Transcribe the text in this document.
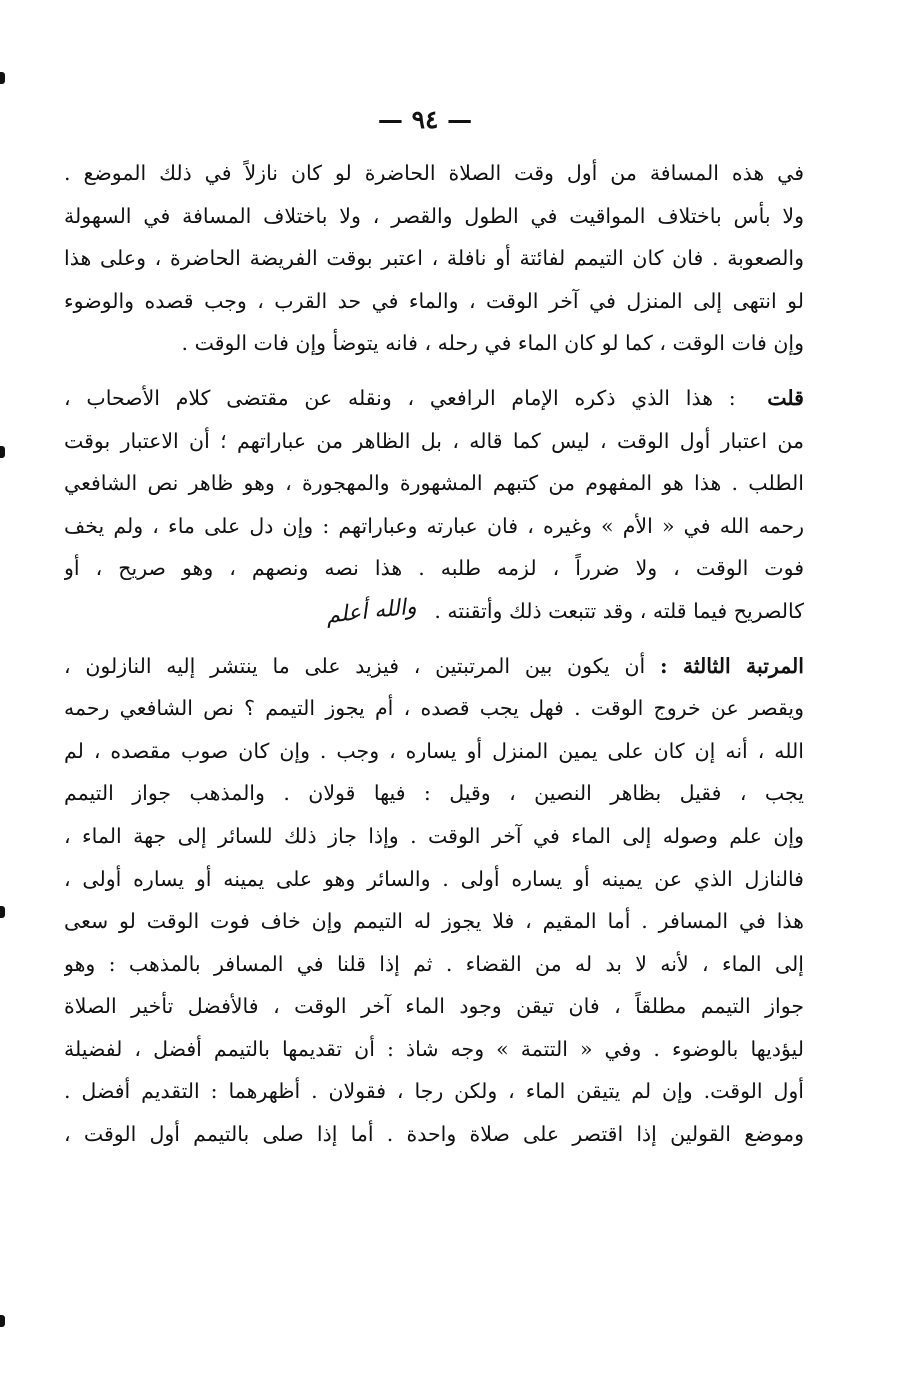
— ٩٤ —
في هذه المسافة من أول وقت الصلاة الحاضرة لو كان نازلاً في ذلك الموضع .
ولا بأس باختلاف المواقيت في الطول والقصر ، ولا باختلاف المسافة في السهولة
والصعوبة . فان كان التيمم لفائتة أو نافلة ، اعتبر بوقت الفريضة الحاضرة ، وعلى هذا
لو انتهى إلى المنزل في آخر الوقت ، والماء في حد القرب ، وجب قصده والوضوء
وإن فات الوقت ، كما لو كان الماء في رحله ، فانه يتوضأ وإن فات الوقت .
قلت  : هذا الذي ذكره الإمام الرافعي ، ونقله عن مقتضى كلام الأصحاب ،
من اعتبار أول الوقت ، ليس كما قاله ، بل الظاهر من عباراتهم ؛ أن الاعتبار بوقت
الطلب . هذا هو المفهوم من كتبهم المشهورة والمهجورة ، وهو ظاهر نص الشافعي
رحمه الله في « الأم » وغيره ، فان عبارته وعباراتهم : وإن دل على ماء ، ولم يخف
فوت الوقت ، ولا ضرراً ، لزمه طلبه . هذا نصه ونصهم ، وهو صريح ، أو
كالصريح فيما قلته ، وقد تتبعت ذلك وأتقنته .والله أعلم
المرتبة الثالثة : أن يكون بين المرتبتين ، فيزيد على ما ينتشر إليه النازلون ،
ويقصر عن خروج الوقت . فهل يجب قصده ، أم يجوز التيمم ؟ نص الشافعي رحمه
الله ، أنه إن كان على يمين المنزل أو يساره ، وجب . وإن كان صوب مقصده ، لم
يجب ، فقيل بظاهر النصين ، وقيل : فيها قولان . والمذهب جواز التيمم
وإن علم وصوله إلى الماء في آخر الوقت . وإذا جاز ذلك للسائر إلى جهة الماء ،
فالنازل الذي عن يمينه أو يساره أولى . والسائر وهو على يمينه أو يساره أولى ،
هذا في المسافر . أما المقيم ، فلا يجوز له التيمم وإن خاف فوت الوقت لو سعى
إلى الماء ، لأنه لا بد له من القضاء . ثم إذا قلنا في المسافر بالمذهب : وهو
جواز التيمم مطلقاً ، فان تيقن وجود الماء آخر الوقت ، فالأفضل تأخير الصلاة
ليؤديها بالوضوء . وفي « التتمة » وجه شاذ : أن تقديمها بالتيمم أفضل ، لفضيلة
أول الوقت. وإن لم يتيقن الماء ، ولكن رجا ، فقولان . أظهرهما : التقديم أفضل .
وموضع القولين إذا اقتصر على صلاة واحدة . أما إذا صلى بالتيمم أول الوقت ،
